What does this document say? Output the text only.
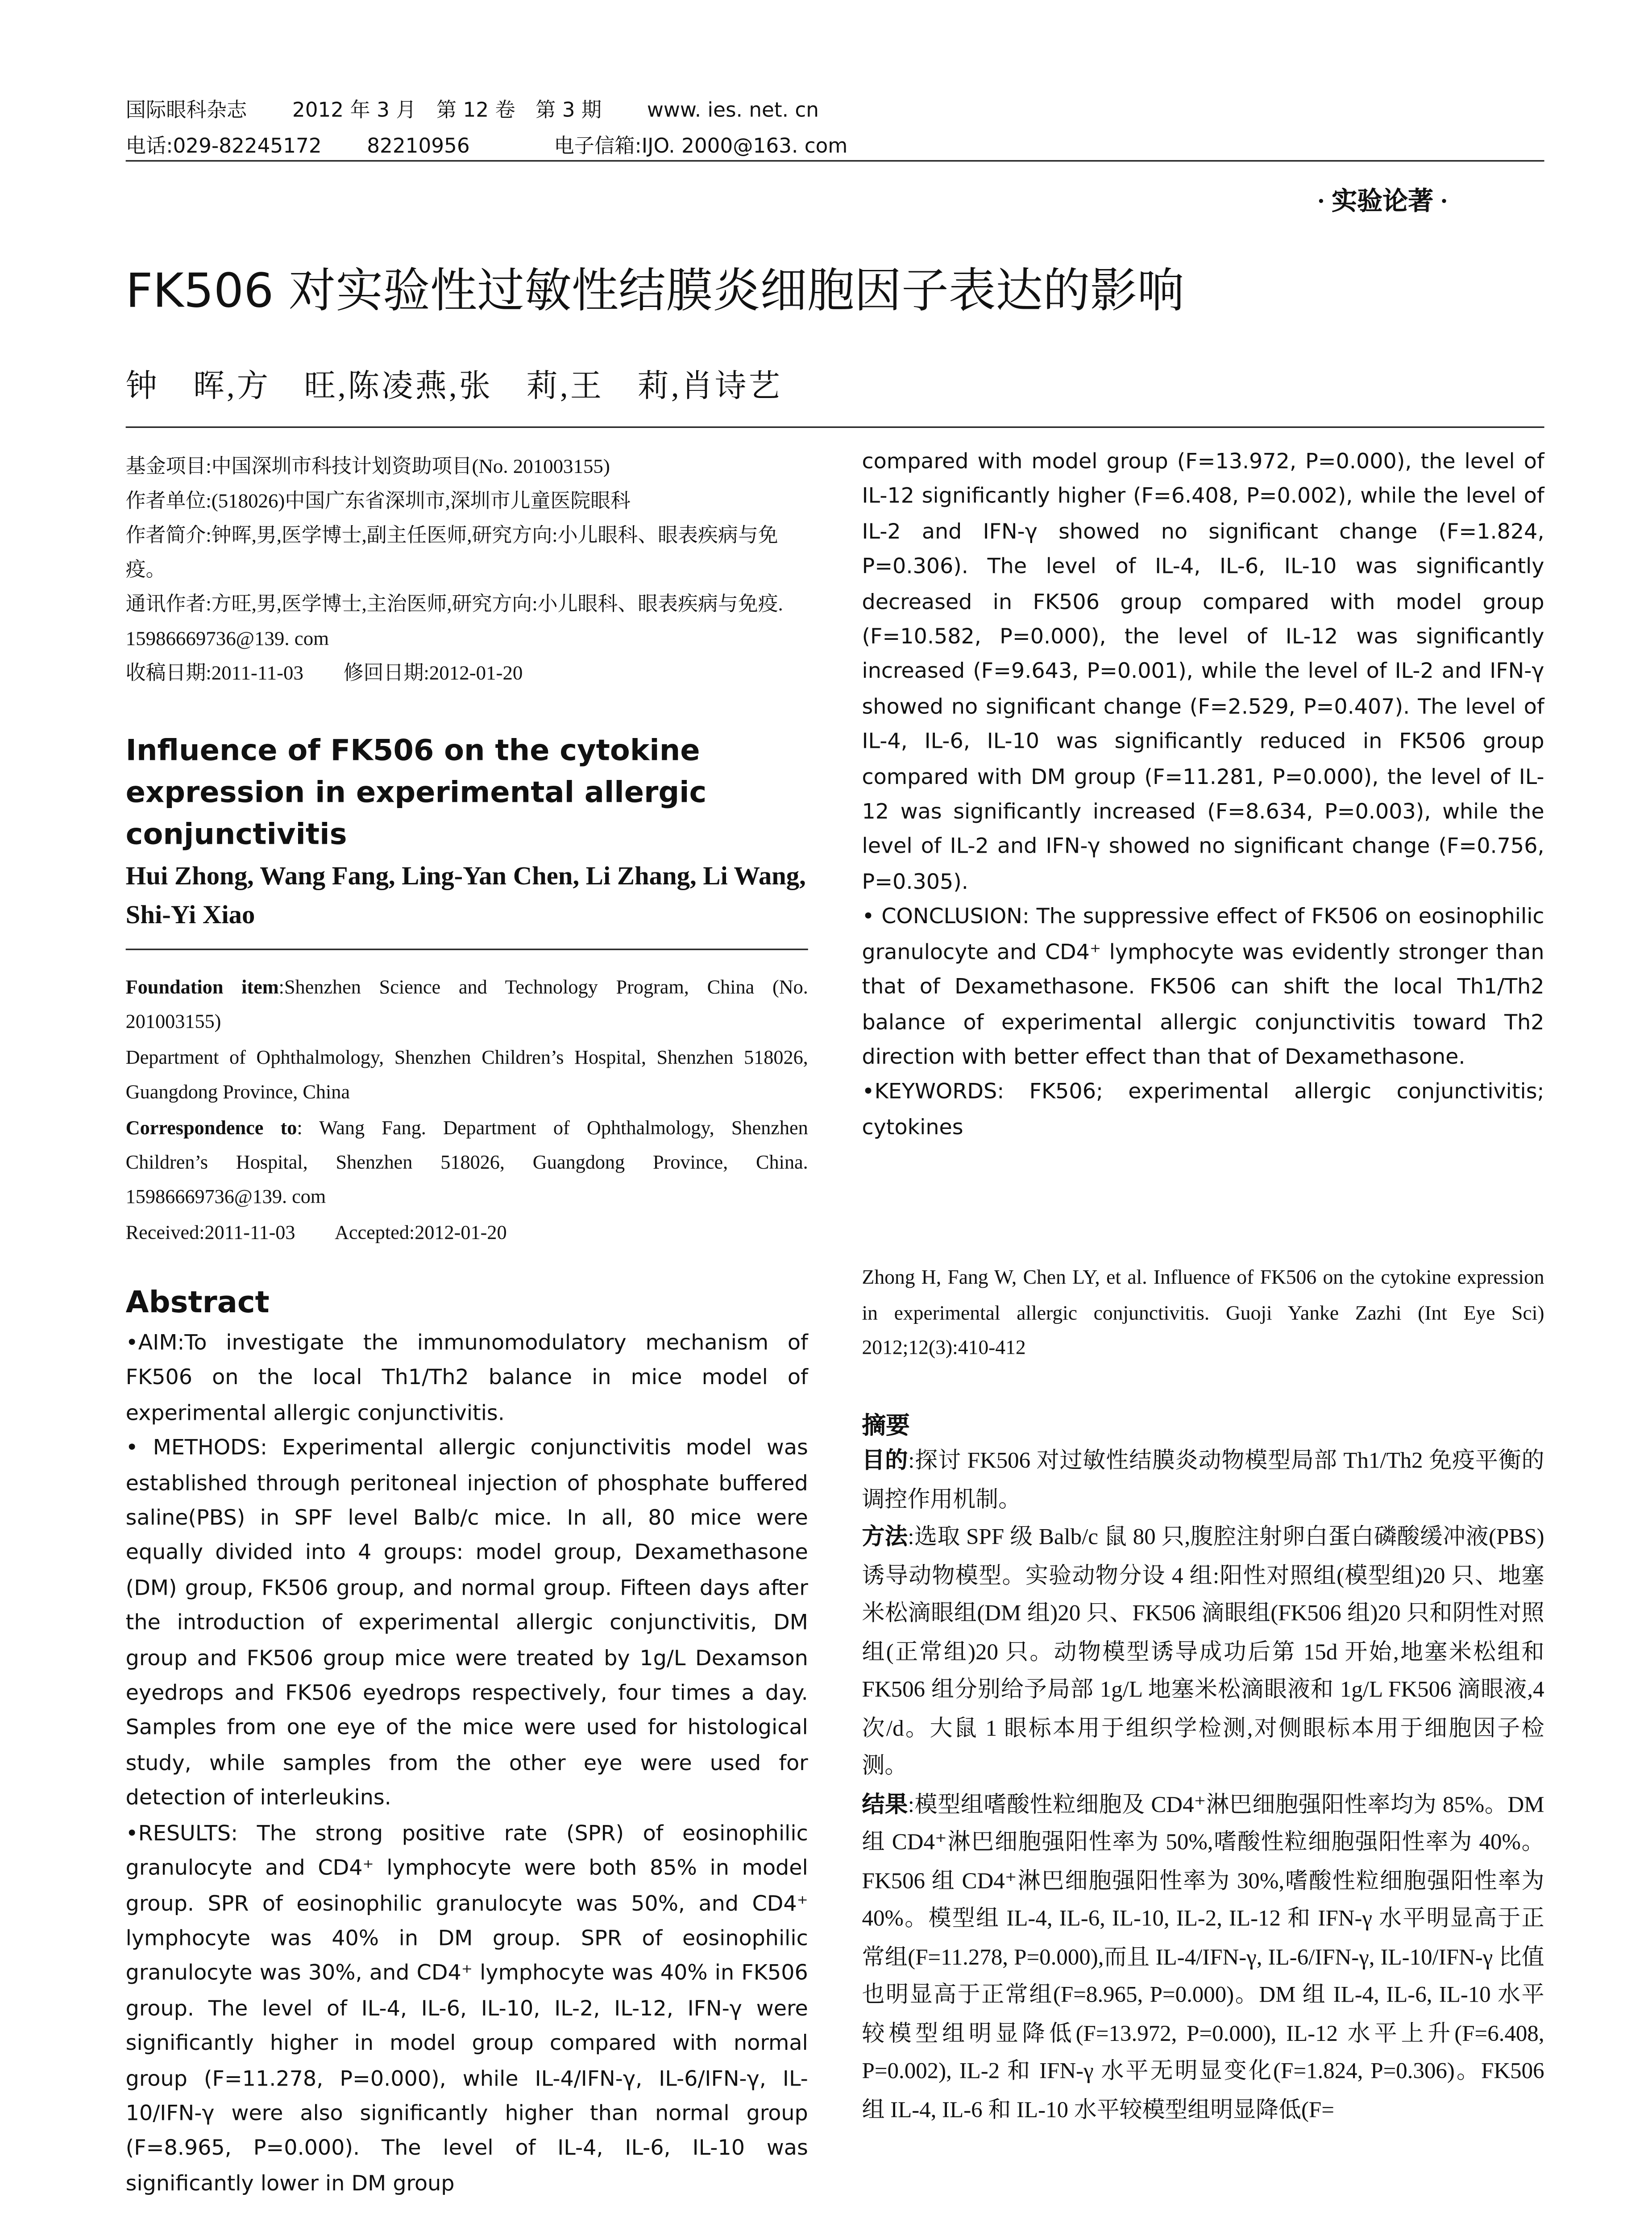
国际眼科杂志	2012 年 3 月　第 12 卷　第 3 期	www. ies. net. cn
电话:029-82245172	82210956	电子信箱:IJO. 2000@163. com
· 实验论著 ·
FK506 对实验性过敏性结膜炎细胞因子表达的影响
钟　晖,方　旺,陈凌燕,张　莉,王　莉,肖诗艺
基金项目:中国深圳市科技计划资助项目(No. 201003155)
作者单位:(518026)中国广东省深圳市,深圳市儿童医院眼科
作者简介:钟晖,男,医学博士,副主任医师,研究方向:小儿眼科、眼表疾病与免疫。
通讯作者:方旺,男,医学博士,主治医师,研究方向:小儿眼科、眼表疾病与免疫. 15986669736@139. com
收稿日期:2011-11-03　　修回日期:2012-01-20
Influence of FK506 on the cytokine expression in experimental allergic conjunctivitis
Hui Zhong, Wang Fang, Ling-Yan Chen, Li Zhang, Li Wang, Shi-Yi Xiao

Foundation item:Shenzhen Science and Technology Program, China (No. 201003155)

Department of Ophthalmology, Shenzhen Children’s Hospital, Shenzhen 518026, Guangdong Province, China

Correspondence to: Wang Fang. Department of Ophthalmology, Shenzhen Children’s Hospital, Shenzhen 518026, Guangdong Province, China. 15986669736@139. com

Received:2011-11-03　　Accepted:2012-01-20

Abstract

•AIM:To investigate the immunomodulatory mechanism of FK506 on the local Th1/Th2 balance in mice model of experimental allergic conjunctivitis.

• METHODS: Experimental allergic conjunctivitis model was established through peritoneal injection of phosphate buffered saline(PBS) in SPF level Balb/c mice. In all, 80 mice were equally divided into 4 groups: model group, Dexamethasone (DM) group, FK506 group, and normal group. Fifteen days after the introduction of experimental allergic conjunctivitis, DM group and FK506 group mice were treated by 1g/L Dexamson eyedrops and FK506 eyedrops respectively, four times a day. Samples from one eye of the mice were used for histological study, while samples from the other eye were used for detection of interleukins.

•RESULTS: The strong positive rate (SPR) of eosinophilic granulocyte and CD4⁺ lymphocyte were both 85% in model group. SPR of eosinophilic granulocyte was 50%, and CD4⁺ lymphocyte was 40% in DM group. SPR of eosinophilic granulocyte was 30%, and CD4⁺ lymphocyte was 40% in FK506 group. The level of IL-4, IL-6, IL-10, IL-2, IL-12, IFN-γ were significantly higher in model group compared with normal group (F=11.278, P=0.000), while IL-4/IFN-γ, IL-6/IFN-γ, IL-10/IFN-γ were also significantly higher than normal group (F=8.965, P=0.000). The level of IL-4, IL-6, IL-10 was significantly lower in DM group

compared with model group (F=13.972, P=0.000), the level of IL-12 significantly higher (F=6.408, P=0.002), while the level of IL-2 and IFN-γ showed no significant change (F=1.824, P=0.306). The level of IL-4, IL-6, IL-10 was significantly decreased in FK506 group compared with model group (F=10.582, P=0.000), the level of IL-12 was significantly increased (F=9.643, P=0.001), while the level of IL-2 and IFN-γ showed no significant change (F=2.529, P=0.407). The level of IL-4, IL-6, IL-10 was significantly reduced in FK506 group compared with DM group (F=11.281, P=0.000), the level of IL-12 was significantly increased (F=8.634, P=0.003), while the level of IL-2 and IFN-γ showed no significant change (F=0.756, P=0.305).

• CONCLUSION: The suppressive effect of FK506 on eosinophilic granulocyte and CD4⁺ lymphocyte was evidently stronger than that of Dexamethasone. FK506 can shift the local Th1/Th2 balance of experimental allergic conjunctivitis toward Th2 direction with better effect than that of Dexamethasone.

•KEYWORDS: FK506; experimental allergic conjunctivitis; cytokines

Zhong H, Fang W, Chen LY, et al. Influence of FK506 on the cytokine expression in experimental allergic conjunctivitis. Guoji Yanke Zazhi (Int Eye Sci) 2012;12(3):410-412
摘要

目的:探讨 FK506 对过敏性结膜炎动物模型局部 Th1/Th2 免疫平衡的调控作用机制。

方法:选取 SPF 级 Balb/c 鼠 80 只,腹腔注射卵白蛋白磷酸缓冲液(PBS)诱导动物模型。实验动物分设 4 组:阳性对照组(模型组)20 只、地塞米松滴眼组(DM 组)20 只、FK506 滴眼组(FK506 组)20 只和阴性对照组(正常组)20 只。动物模型诱导成功后第 15d 开始,地塞米松组和 FK506 组分别给予局部 1g/L 地塞米松滴眼液和 1g/L FK506 滴眼液,4 次/d。大鼠 1 眼标本用于组织学检测,对侧眼标本用于细胞因子检测。

结果:模型组嗜酸性粒细胞及 CD4⁺淋巴细胞强阳性率均为 85%。DM 组 CD4⁺淋巴细胞强阳性率为 50%,嗜酸性粒细胞强阳性率为 40%。FK506 组 CD4⁺淋巴细胞强阳性率为 30%,嗜酸性粒细胞强阳性率为 40%。模型组 IL-4, IL-6, IL-10, IL-2, IL-12 和 IFN-γ 水平明显高于正常组(F=11.278, P=0.000),而且 IL-4/IFN-γ, IL-6/IFN-γ, IL-10/IFN-γ 比值也明显高于正常组(F=8.965, P=0.000)。DM 组 IL-4, IL-6, IL-10 水平较模型组明显降低(F=13.972, P=0.000), IL-12 水平上升(F=6.408, P=0.002), IL-2 和 IFN-γ 水平无明显变化(F=1.824, P=0.306)。FK506 组 IL-4, IL-6 和 IL-10 水平较模型组明显降低(F=
